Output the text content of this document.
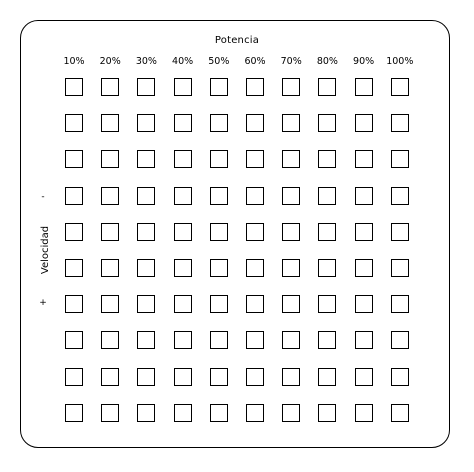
Potencia
10%	20%	30%	40%	50%	60%	70%	80%	90%	100%
Velocidad
-
+
